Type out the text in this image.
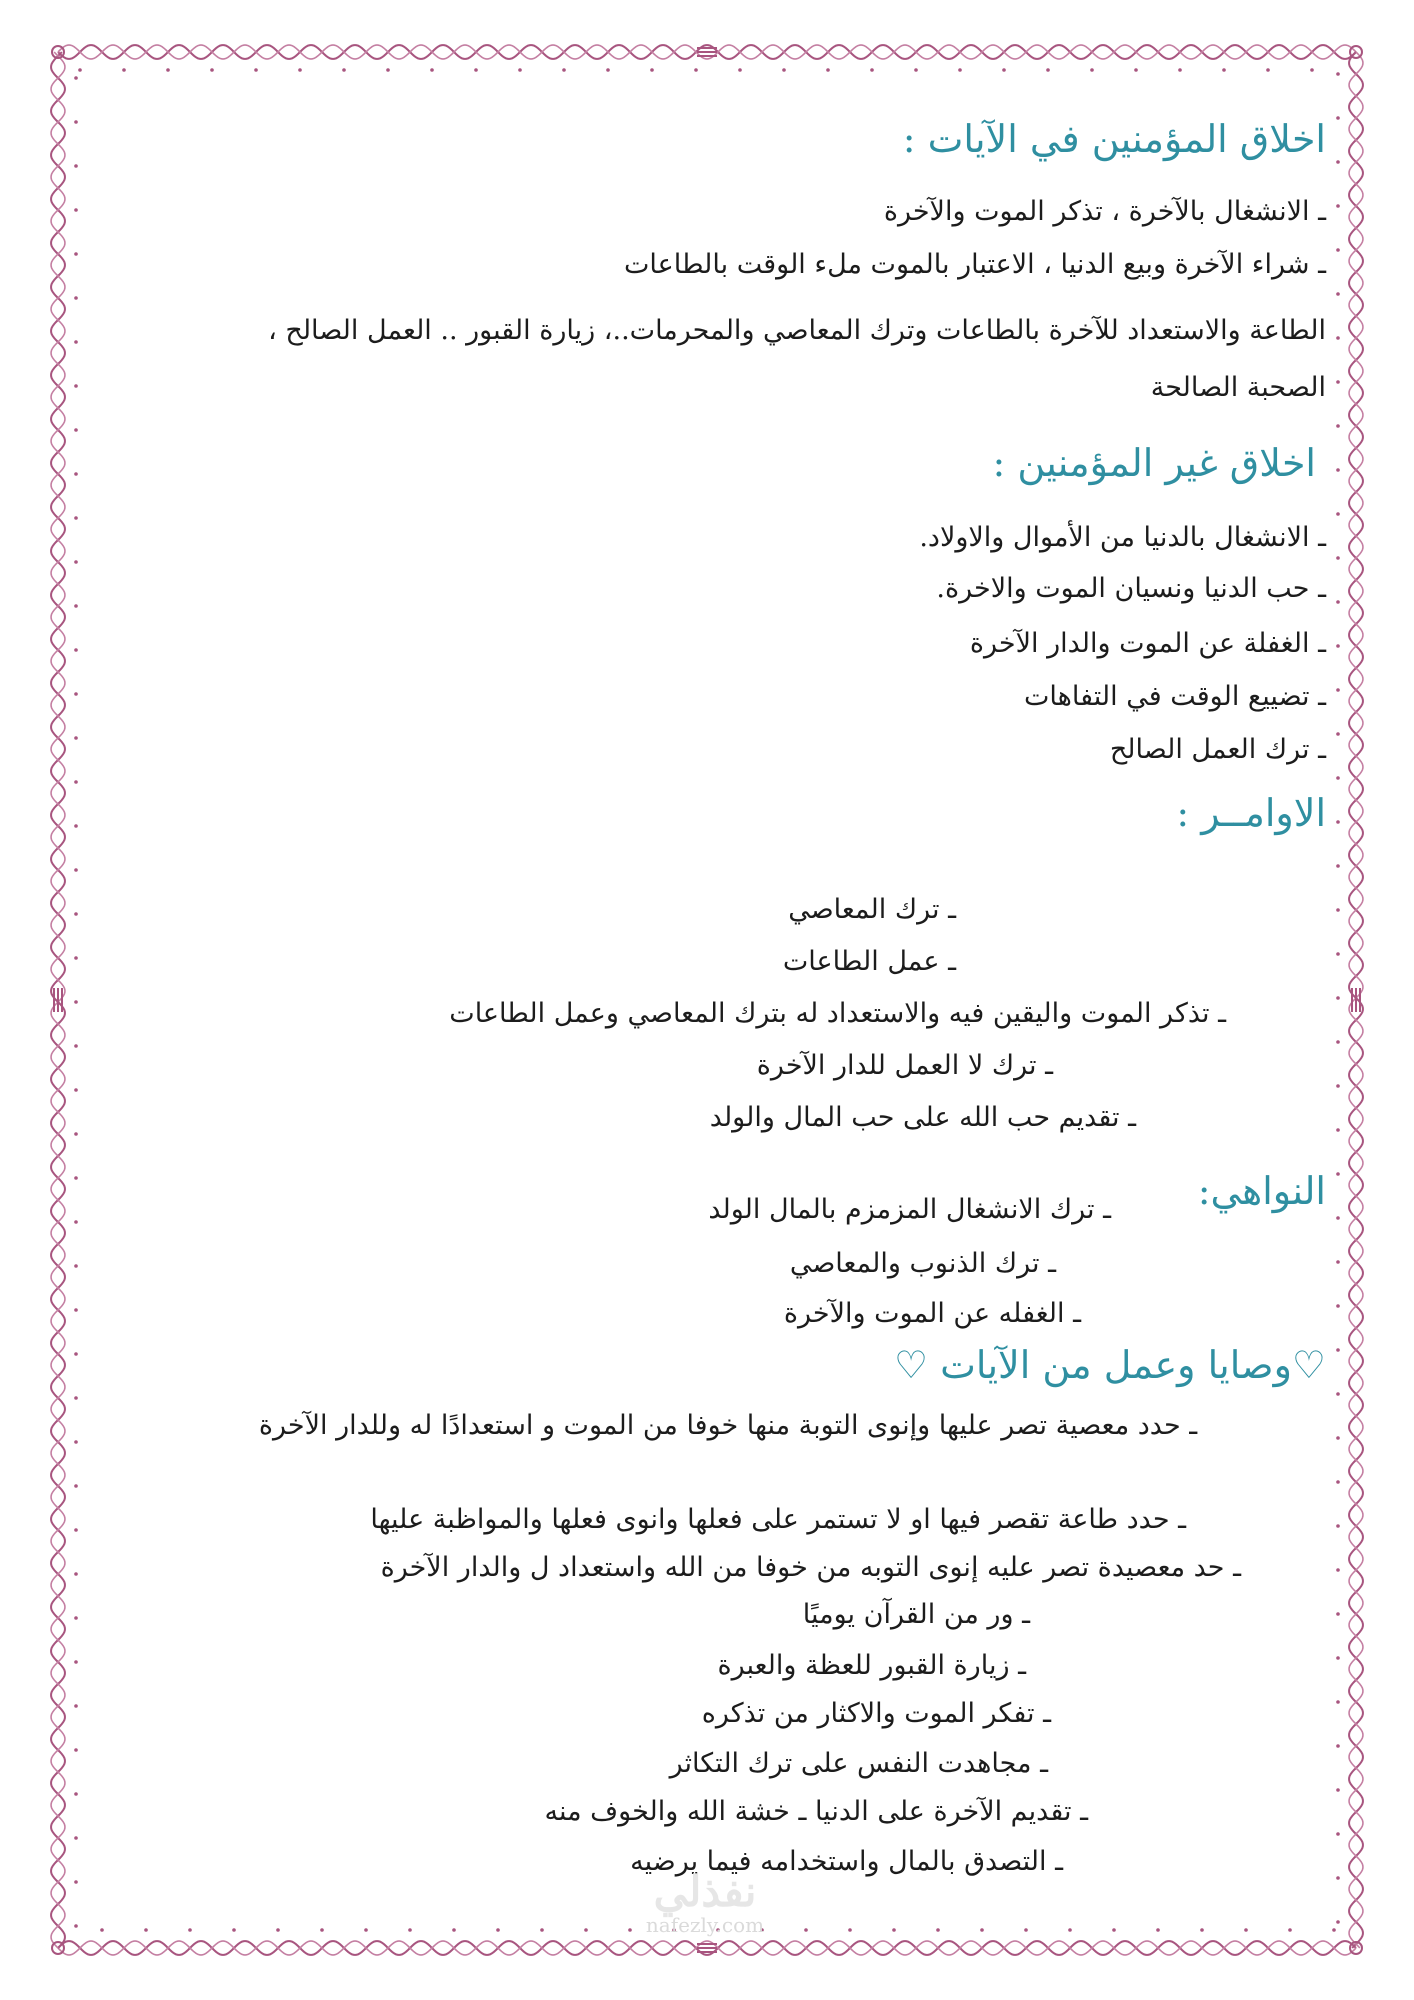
اخلاق المؤمنين في الآيات :
ـ الانشغال بالآخرة ، تذكر الموت والآخرة
ـ شراء الآخرة وبيع الدنيا ، الاعتبار بالموت ملء الوقت بالطاعات
الطاعة والاستعداد للآخرة بالطاعات وترك المعاصي والمحرمات..، زيارة القبور .. العمل الصالح ،
الصحبة الصالحة
اخلاق غير المؤمنين :
ـ الانشغال بالدنيا من الأموال والاولاد.
ـ حب الدنيا ونسيان الموت والاخرة.
ـ الغفلة عن الموت والدار الآخرة
ـ تضييع الوقت في التفاهات
ـ ترك العمل الصالح
الاوامــر :
ـ ترك المعاصي
ـ عمل الطاعات
ـ تذكر الموت واليقين فيه والاستعداد له بترك المعاصي وعمل الطاعات
ـ ترك لا العمل للدار الآخرة
ـ تقديم حب الله على حب المال والولد
النواهي:
ـ ترك الانشغال المزمزم بالمال الولد
ـ ترك الذنوب والمعاصي
ـ الغفله عن الموت والآخرة
♡وصايا وعمل من الآيات ♡
ـ حدد معصية تصر عليها وإنوى التوبة منها خوفا من الموت و استعدادًا له وللدار الآخرة
ـ حدد طاعة تقصر فيها او لا تستمر على فعلها وانوى فعلها والمواظبة عليها
ـ حد معصيدة تصر عليه إنوى التوبه من خوفا من الله واستعداد ل والدار الآخرة
ـ ور من القرآن يوميًا
ـ زيارة القبور للعظة والعبرة
ـ تفكر الموت والاكثار من تذكره
ـ مجاهدت النفس على ترك التكاثر
ـ تقديم الآخرة على الدنيا ـ خشة الله والخوف منه
ـ التصدق بالمال واستخدامه فيما يرضيه
نفذلي
nafezly.com
